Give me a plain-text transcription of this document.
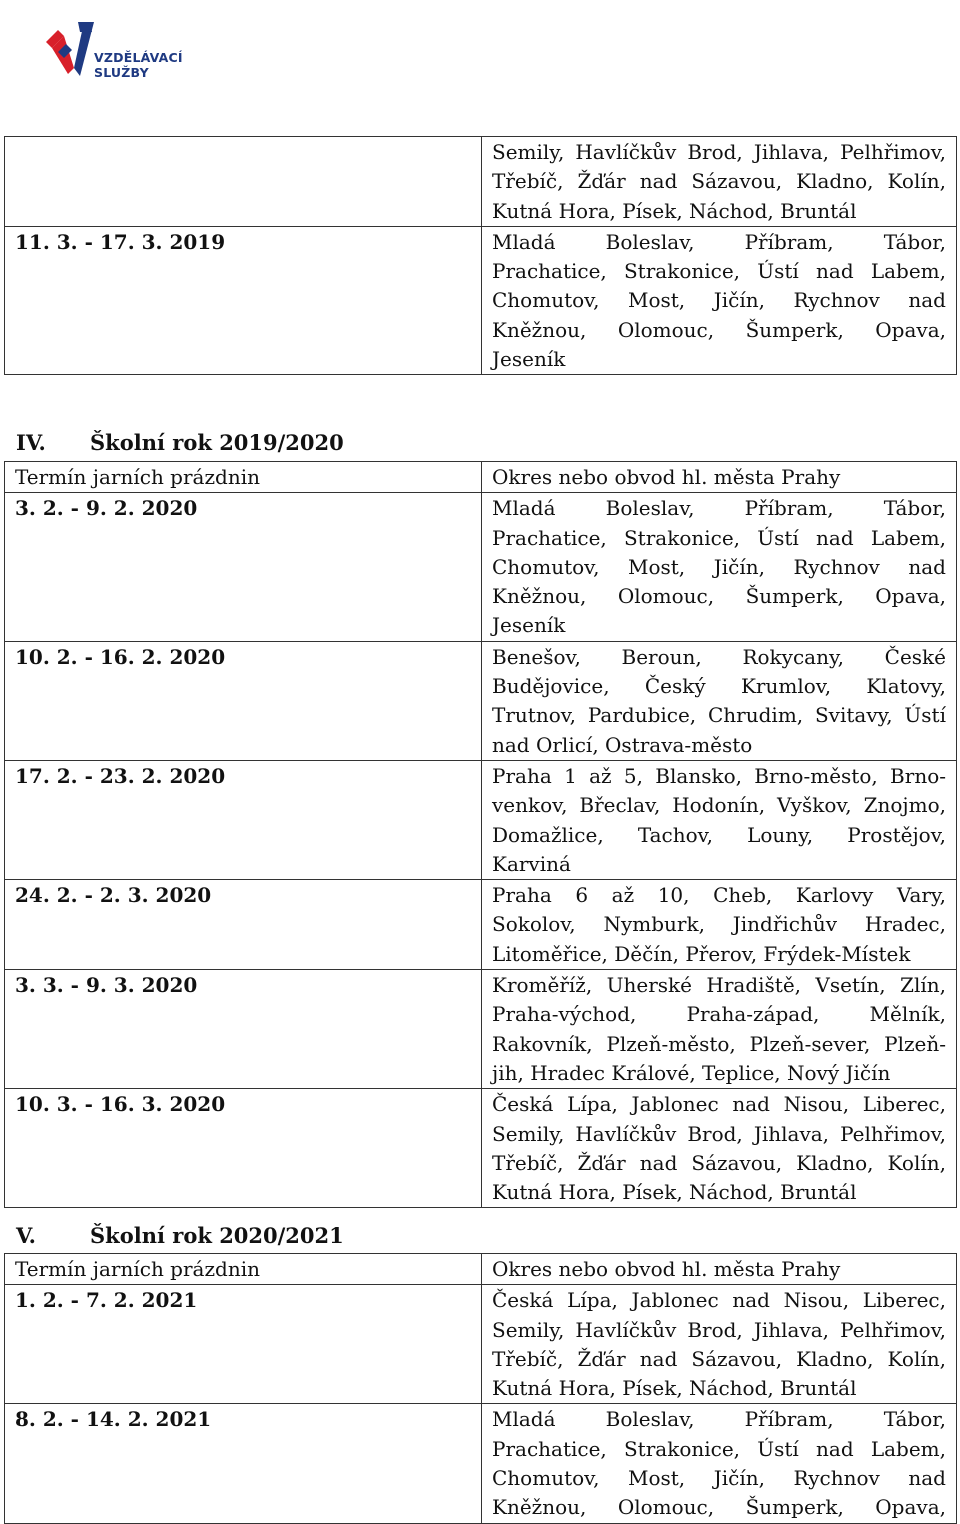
VZDĚLÁVACÍ
SLUŽBY

	Semily, Havlíčkův Brod, Jihlava, Pelhřimov,
Třebíč, Žďár nad Sázavou, Kladno, Kolín,
Kutná Hora, Písek, Náchod, Bruntál

11. 3. - 17. 3. 2019	Mladá Boleslav, Příbram, Tábor,
Prachatice, Strakonice, Ústí nad Labem,
Chomutov, Most, Jičín, Rychnov nad
Kněžnou, Olomouc, Šumperk, Opava,
Jeseník
IV. Školní rok 2019/2020
Termín jarních prázdnin	Okres nebo obvod hl. města Prahy
3. 2. - 9. 2. 2020	Mladá Boleslav, Příbram, Tábor,
Prachatice, Strakonice, Ústí nad Labem,
Chomutov, Most, Jičín, Rychnov nad
Kněžnou, Olomouc, Šumperk, Opava,
Jeseník

10. 2. - 16. 2. 2020	Benešov, Beroun, Rokycany, České
Budějovice, Český Krumlov, Klatovy,
Trutnov, Pardubice, Chrudim, Svitavy, Ústí
nad Orlicí, Ostrava-město

17. 2. - 23. 2. 2020	Praha 1 až 5, Blansko, Brno-město, Brno-
venkov, Břeclav, Hodonín, Vyškov, Znojmo,
Domažlice, Tachov, Louny, Prostějov,
Karviná

24. 2. - 2. 3. 2020	Praha 6 až 10, Cheb, Karlovy Vary,
Sokolov, Nymburk, Jindřichův Hradec,
Litoměřice, Děčín, Přerov, Frýdek-Místek

3. 3. - 9. 3. 2020	Kroměříž, Uherské Hradiště, Vsetín, Zlín,
Praha-východ, Praha-západ, Mělník,
Rakovník, Plzeň-město, Plzeň-sever, Plzeň-
jih, Hradec Králové, Teplice, Nový Jičín

10. 3. - 16. 3. 2020	Česká Lípa, Jablonec nad Nisou, Liberec,
Semily, Havlíčkův Brod, Jihlava, Pelhřimov,
Třebíč, Žďár nad Sázavou, Kladno, Kolín,
Kutná Hora, Písek, Náchod, Bruntál
V.	Školní rok 2020/2021
Termín jarních prázdnin	Okres nebo obvod hl. města Prahy
1. 2. - 7. 2. 2021	Česká Lípa, Jablonec nad Nisou, Liberec,
Semily, Havlíčkův Brod, Jihlava, Pelhřimov,
Třebíč, Žďár nad Sázavou, Kladno, Kolín,
Kutná Hora, Písek, Náchod, Bruntál

8. 2. - 14. 2. 2021	Mladá Boleslav, Příbram, Tábor,
Prachatice, Strakonice, Ústí nad Labem,
Chomutov, Most, Jičín, Rychnov nad
Kněžnou, Olomouc, Šumperk, Opava,
